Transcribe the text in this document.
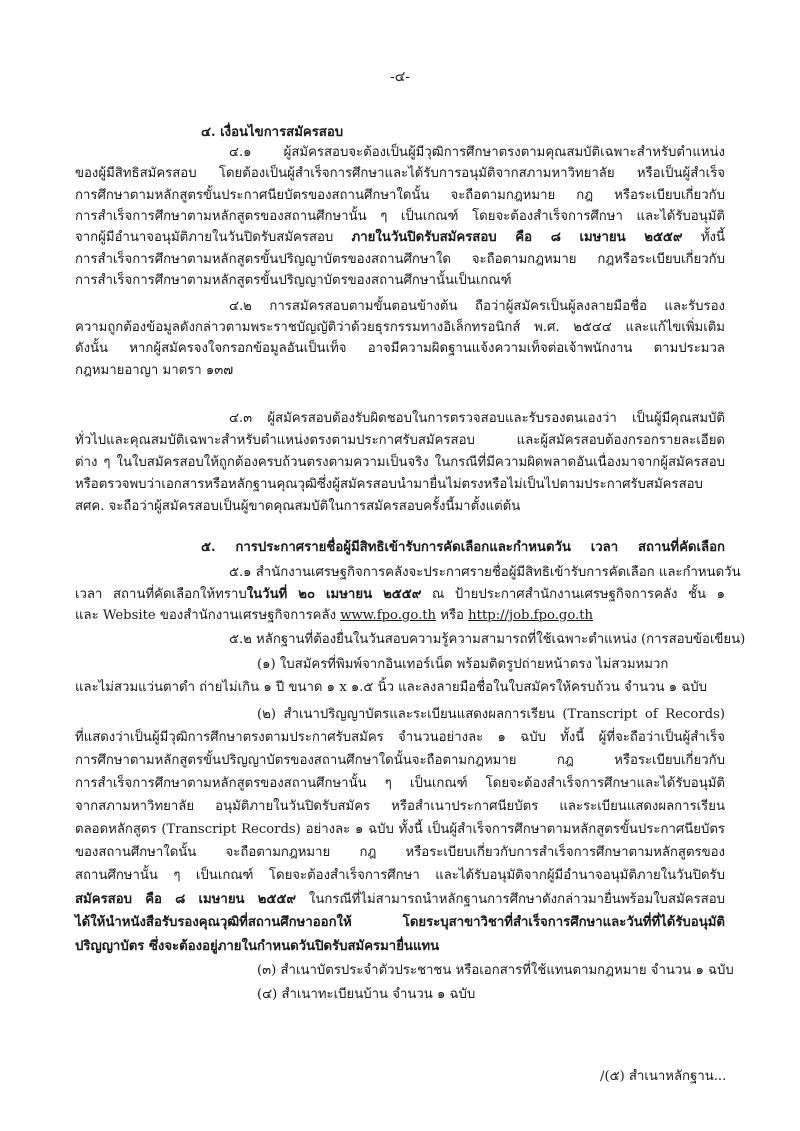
-๔-
๔. เงื่อนไขการสมัครสอบ
๔.๑ ผู้สมัครสอบจะต้องเป็นผู้มีวุฒิการศึกษาตรงตามคุณสมบัติเฉพาะสำหรับตำแหน่ง
ของผู้มีสิทธิสมัครสอบ โดยต้องเป็นผู้สำเร็จการศึกษาและได้รับการอนุมัติจากสภามหาวิทยาลัย หรือเป็นผู้สำเร็จ
การศึกษาตามหลักสูตรขั้นประกาศนียบัตรของสถานศึกษาใดนั้น จะถือตามกฎหมาย กฎ หรือระเบียบเกี่ยวกับ
การสำเร็จการศึกษาตามหลักสูตรของสถานศึกษานั้น ๆ เป็นเกณฑ์ โดยจะต้องสำเร็จการศึกษา และได้รับอนุมัติ
จากผู้มีอำนาจอนุมัติภายในวันปิดรับสมัครสอบ ภายในวันปิดรับสมัครสอบ คือ ๘ เมษายน ๒๕๕๙ ทั้งนี้
การสำเร็จการศึกษาตามหลักสูตรขั้นปริญญาบัตรของสถานศึกษาใด จะถือตามกฎหมาย กฎหรือระเบียบเกี่ยวกับ
การสำเร็จการศึกษาตามหลักสูตรขั้นปริญญาบัตรของสถานศึกษานั้นเป็นเกณฑ์
๔.๒ การสมัครสอบตามขั้นตอนข้างต้น ถือว่าผู้สมัครเป็นผู้ลงลายมือชื่อ และรับรอง
ความถูกต้องข้อมูลดังกล่าวตามพระราชบัญญัติว่าด้วยธุรกรรมทางอิเล็กทรอนิกส์ พ.ศ. ๒๕๔๔ และแก้ไขเพิ่มเติม
ดังนั้น หากผู้สมัครจงใจกรอกข้อมูลอันเป็นเท็จ อาจมีความผิดฐานแจ้งความเท็จต่อเจ้าพนักงาน ตามประมวล
กฎหมายอาญา มาตรา ๑๓๗
๔.๓ ผู้สมัครสอบต้องรับผิดชอบในการตรวจสอบและรับรองตนเองว่า เป็นผู้มีคุณสมบัติ
ทั่วไปและคุณสมบัติเฉพาะสำหรับตำแหน่งตรงตามประกาศรับสมัครสอบ และผู้สมัครสอบต้องกรอกรายละเอียด
ต่าง ๆ ในใบสมัครสอบให้ถูกต้องครบถ้วนตรงตามความเป็นจริง ในกรณีที่มีความผิดพลาดอันเนื่องมาจากผู้สมัครสอบ
หรือตรวจพบว่าเอกสารหรือหลักฐานคุณวุฒิซึ่งผู้สมัครสอบนำมายื่นไม่ตรงหรือไม่เป็นไปตามประกาศรับสมัครสอบ
สศค. จะถือว่าผู้สมัครสอบเป็นผู้ขาดคุณสมบัติในการสมัครสอบครั้งนี้มาตั้งแต่ต้น
๕. การประกาศรายชื่อผู้มีสิทธิเข้ารับการคัดเลือกและกำหนดวัน เวลา สถานที่คัดเลือก
๕.๑ สำนักงานเศรษฐกิจการคลังจะประกาศรายชื่อผู้มีสิทธิเข้ารับการคัดเลือก และกำหนดวัน
เวลา สถานที่คัดเลือกให้ทราบในวันที่ ๒๐ เมษายน ๒๕๕๙ ณ ป้ายประกาศสำนักงานเศรษฐกิจการคลัง ชั้น ๑
และ Website ของสำนักงานเศรษฐกิจการคลัง www.fpo.go.th หรือ http://job.fpo.go.th
๕.๒ หลักฐานที่ต้องยื่นในวันสอบความรู้ความสามารถที่ใช้เฉพาะตำแหน่ง (การสอบข้อเขียน)
(๑) ใบสมัครที่พิมพ์จากอินเทอร์เน็ต พร้อมติดรูปถ่ายหน้าตรง ไม่สวมหมวก
และไม่สวมแว่นตาดำ ถ่ายไม่เกิน ๑ ปี ขนาด ๑ x ๑.๕ นิ้ว และลงลายมือชื่อในใบสมัครให้ครบถ้วน จำนวน ๑ ฉบับ
(๒) สำเนาปริญญาบัตรและระเบียนแสดงผลการเรียน (Transcript of Records)
ที่แสดงว่าเป็นผู้มีวุฒิการศึกษาตรงตามประกาศรับสมัคร จำนวนอย่างละ ๑ ฉบับ ทั้งนี้ ผู้ที่จะถือว่าเป็นผู้สำเร็จ
การศึกษาตามหลักสูตรขั้นปริญญาบัตรของสถานศึกษาใดนั้นจะถือตามกฎหมาย กฎ หรือระเบียบเกี่ยวกับ
การสำเร็จการศึกษาตามหลักสูตรของสถานศึกษานั้น ๆ เป็นเกณฑ์ โดยจะต้องสำเร็จการศึกษาและได้รับอนุมัติ
จากสภามหาวิทยาลัย อนุมัติภายในวันปิดรับสมัคร หรือสำเนาประกาศนียบัตร และระเบียนแสดงผลการเรียน
ตลอดหลักสูตร (Transcript Records) อย่างละ ๑ ฉบับ ทั้งนี้ เป็นผู้สำเร็จการศึกษาตามหลักสูตรขั้นประกาศนียบัตร
ของสถานศึกษาใดนั้น จะถือตามกฎหมาย กฎ หรือระเบียบเกี่ยวกับการสำเร็จการศึกษาตามหลักสูตรของ
สถานศึกษานั้น ๆ เป็นเกณฑ์ โดยจะต้องสำเร็จการศึกษา และได้รับอนุมัติจากผู้มีอำนาจอนุมัติภายในวันปิดรับ
สมัครสอบ คือ ๘ เมษายน ๒๕๕๙ ในกรณีที่ไม่สามารถนำหลักฐานการศึกษาดังกล่าวมายื่นพร้อมใบสมัครสอบ
ได้ให้นำหนังสือรับรองคุณวุฒิที่สถานศึกษาออกให้ โดยระบุสาขาวิชาที่สำเร็จการศึกษาและวันที่ที่ได้รับอนุมัติ
ปริญญาบัตร ซึ่งจะต้องอยู่ภายในกำหนดวันปิดรับสมัครมายื่นแทน
(๓) สำเนาบัตรประจำตัวประชาชน หรือเอกสารที่ใช้แทนตามกฎหมาย จำนวน ๑ ฉบับ
(๔) สำเนาทะเบียนบ้าน จำนวน ๑ ฉบับ
/(๕) สำเนาหลักฐาน...
